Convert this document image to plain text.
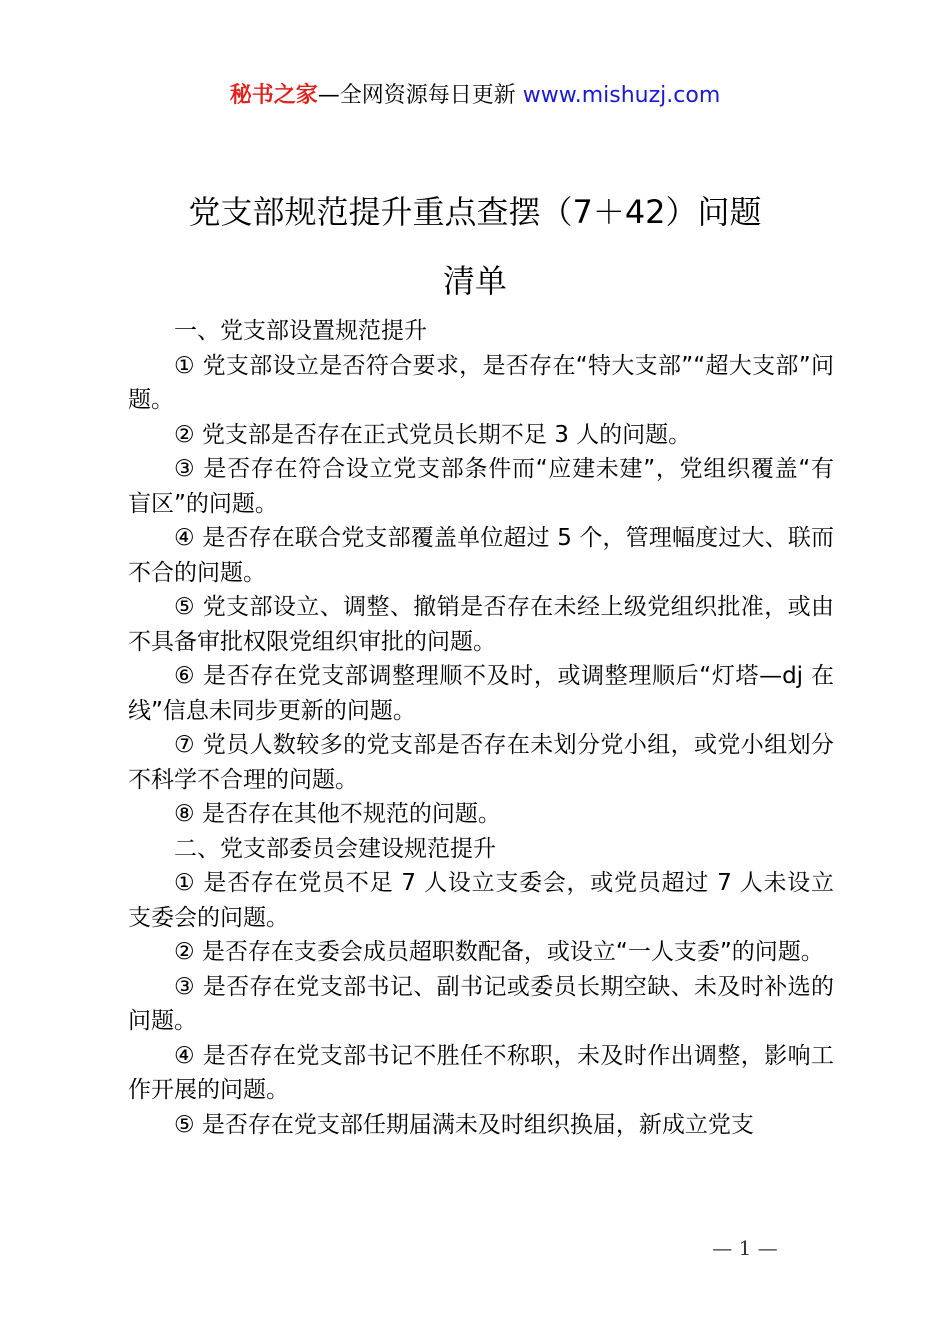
秘书之家—全网资源每日更新 www.mishuzj.com
党支部规范提升重点查摆（7＋42）问题
清单

一、党支部设置规范提升

① 党支部设立是否符合要求，是否存在“特大支部”“超大支部”问题。

② 党支部是否存在正式党员长期不足 3 人的问题。

③ 是否存在符合设立党支部条件而“应建未建”，党组织覆盖“有盲区”的问题。

④ 是否存在联合党支部覆盖单位超过 5 个，管理幅度过大、联而不合的问题。

⑤ 党支部设立、调整、撤销是否存在未经上级党组织批准，或由不具备审批权限党组织审批的问题。

⑥ 是否存在党支部调整理顺不及时，或调整理顺后“灯塔—dj 在线”信息未同步更新的问题。

⑦ 党员人数较多的党支部是否存在未划分党小组，或党小组划分不科学不合理的问题。

⑧ 是否存在其他不规范的问题。

二、党支部委员会建设规范提升

① 是否存在党员不足 7 人设立支委会，或党员超过 7 人未设立支委会的问题。

② 是否存在支委会成员超职数配备，或设立“一人支委”的问题。

③ 是否存在党支部书记、副书记或委员长期空缺、未及时补选的问题。

④ 是否存在党支部书记不胜任不称职，未及时作出调整，影响工作开展的问题。

⑤ 是否存在党支部任期届满未及时组织换届，新成立党支

— 1 —
